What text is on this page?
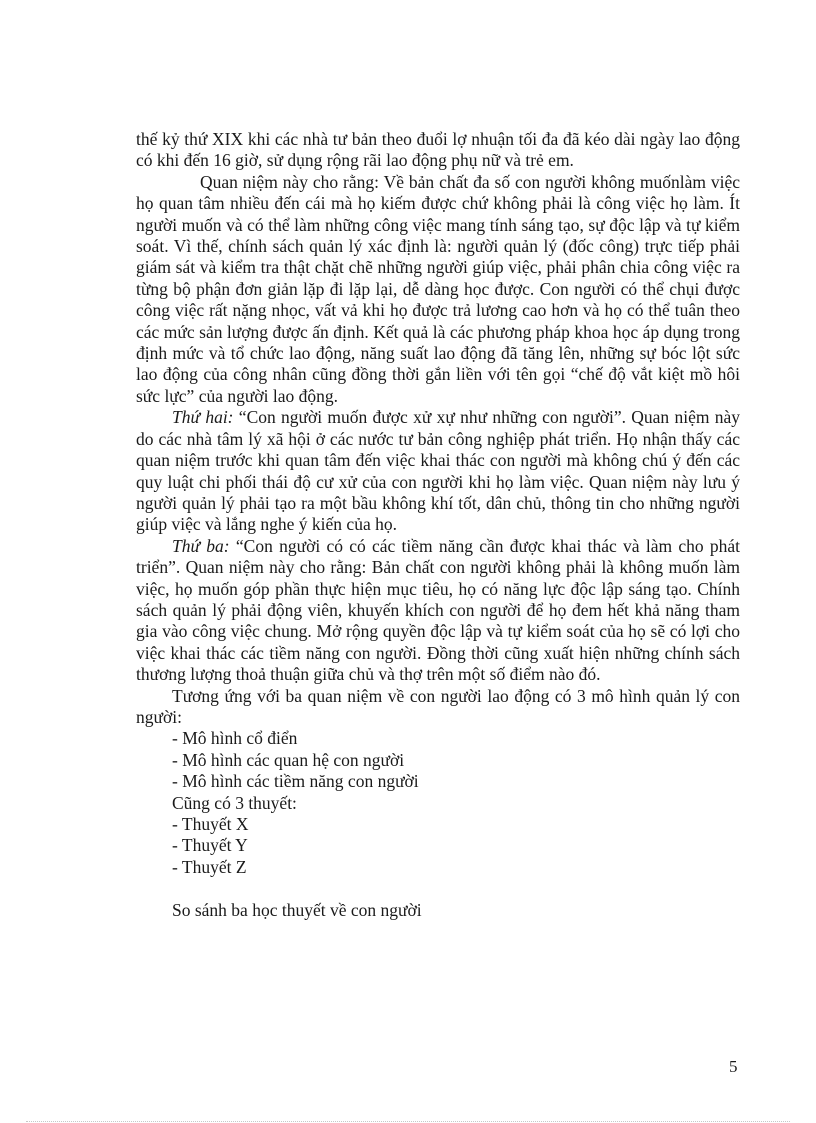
thế kỷ thứ XIX khi các nhà tư bản theo đuổi lợ nhuận tối đa đã kéo dài ngày lao động có khi đến 16 giờ, sử dụng rộng rãi lao động phụ nữ và trẻ em.

Quan niệm này cho rằng: Về bản chất đa số con người không muốnlàm việc họ quan tâm nhiều đến cái mà họ kiếm được chứ không phải là công việc họ làm. Ít người muốn và có thể làm những công việc mang tính sáng tạo, sự độc lập và tự kiểm soát. Vì thế, chính sách quản lý xác định là: người quản lý (đốc công) trực tiếp phải giám sát và kiểm tra thật chặt chẽ những người giúp việc, phải phân chia công việc ra từng bộ phận đơn giản lặp đi lặp lại, dễ dàng học được. Con người có thể chụi được công việc rất nặng nhọc, vất vả khi họ được trả lương cao hơn và họ có thể tuân theo các mức sản lượng được ấn định. Kết quả là các phương pháp khoa học áp dụng trong định mức và tổ chức lao động, năng suất lao động đã tăng lên, những sự bóc lột sức lao động của công nhân cũng đồng thời gắn liền với tên gọi “chế độ vắt kiệt mồ hôi sức lực” của người lao động.

Thứ hai: “Con người muốn được xử xự như những con người”. Quan niệm này do các nhà tâm lý xã hội ở các nước tư bản công nghiệp phát triển. Họ nhận thấy các quan niệm trước khi quan tâm đến việc khai thác con người mà không chú ý đến các quy luật chi phối thái độ cư xử của con người khi họ làm việc. Quan niệm này lưu ý người quản lý phải tạo ra một bầu không khí tốt, dân chủ, thông tin cho những người giúp việc và lắng nghe ý kiến của họ.

Thứ ba: “Con người có có các tiềm năng cần được khai thác và làm cho phát triển”. Quan niệm này cho rằng: Bản chất con người không phải là không muốn làm việc, họ muốn góp phần thực hiện mục tiêu, họ có năng lực độc lập sáng tạo. Chính sách quản lý phải động viên, khuyến khích con người để họ đem hết khả năng tham gia vào công việc chung. Mở rộng quyền độc lập và tự kiểm soát của họ sẽ có lợi cho việc khai thác các tiềm năng con người. Đồng thời cũng xuất hiện những chính sách thương lượng thoả thuận giữa chủ và thợ trên một số điểm nào đó.

Tương ứng với ba quan niệm về con người lao động có 3 mô hình quản lý con người:

- Mô hình cổ điển

- Mô hình các quan hệ con người

- Mô hình các tiềm năng con người

Cũng có 3 thuyết:

- Thuyết X

- Thuyết Y

- Thuyết Z

So sánh ba học thuyết về con người

5
